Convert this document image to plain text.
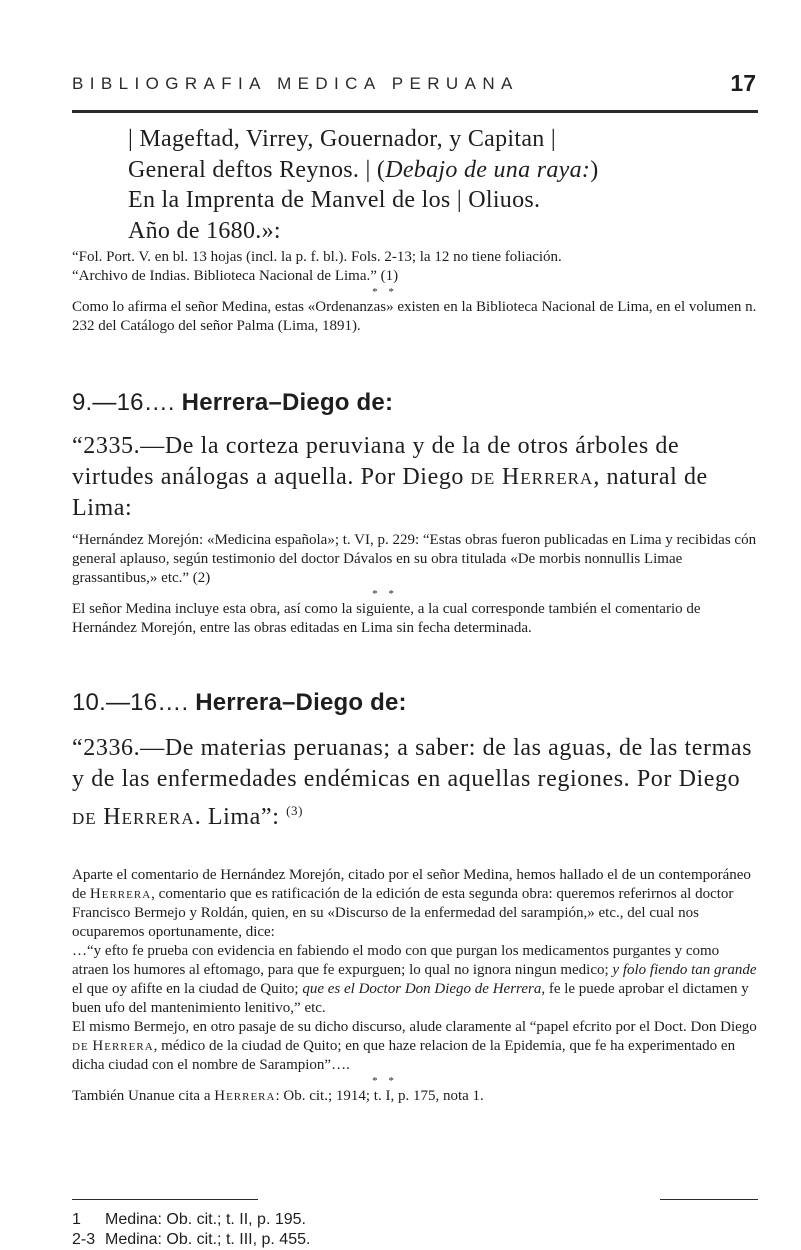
BIBLIOGRAFIA MEDICA PERUANA	17
| Mageftad, Virrey, Gouernador, y Capitan |
General deftos Reynos. | (Debajo de una raya:)
En la Imprenta de Manvel de los | Oliuos.
Año de 1680.»:

“Fol. Port. V. en bl. 13 hojas (incl. la p. f. bl.). Fols. 2-13; la 12 no tiene foliación.

“Archivo de Indias. Biblioteca Nacional de Lima.” (1)

* *

Como lo afirma el señor Medina, estas «Ordenanzas» existen en la Biblioteca Nacional de Lima, en el volumen n. 232 del Catálogo del señor Palma (Lima, 1891).

9.—16…. Herrera–Diego de:
“2335.—De la corteza peruviana y de la de otros árboles de virtudes análogas a aquella. Por Diego de Herrera, natural de Lima:

“Hernández Morejón: «Medicina española»; t. VI, p. 229: “Estas obras fueron publicadas en Lima y recibidas cón general aplauso, según testimonio del doctor Dávalos en su obra titulada «De morbis nonnullis Limae grassantibus,» etc.” (2)

* *

El señor Medina incluye esta obra, así como la siguiente, a la cual corresponde también el comentario de Hernández Morejón, entre las obras editadas en Lima sin fecha determinada.

10.—16…. Herrera–Diego de:
“2336.—De materias peruanas; a saber: de las aguas, de las termas y de las enfermedades endémicas en aquellas regiones. Por Diego de Herrera. Lima”: $^{(3)}$

Aparte el comentario de Hernández Morejón, citado por el señor Medina, hemos hallado el de un contemporáneo de Herrera, comentario que es ratificación de la edición de esta segunda obra: queremos referirnos al doctor Francisco Bermejo y Roldán, quien, en su «Discurso de la enfermedad del sarampión,» etc., del cual nos ocuparemos oportunamente, dice:

…“y efto fe prueba con evidencia en fabiendo el modo con que purgan los medicamentos purgantes y como atraen los humores al eftomago, para que fe expurguen; lo qual no ignora ningun medico; y folo fiendo tan grande el que oy afifte en la ciudad de Quito; que es el Doctor Don Diego de Herrera, fe le puede aprobar el dictamen y buen ufo del mantenimiento lenitivo,” etc.

El mismo Bermejo, en otro pasaje de su dicho discurso, alude claramente al “papel efcrito por el Doct. Don Diego de Herrera, médico de la ciudad de Quito; en que haze relacion de la Epidemia, que fe ha experimentado en dicha ciudad con el nombre de Sarampion”….

* *

También Unanue cita a Herrera: Ob. cit.; 1914; t. I, p. 175, nota 1.

1 Medina: Ob. cit.; t. II, p. 195.
2-3 Medina: Ob. cit.; t. III, p. 455.
